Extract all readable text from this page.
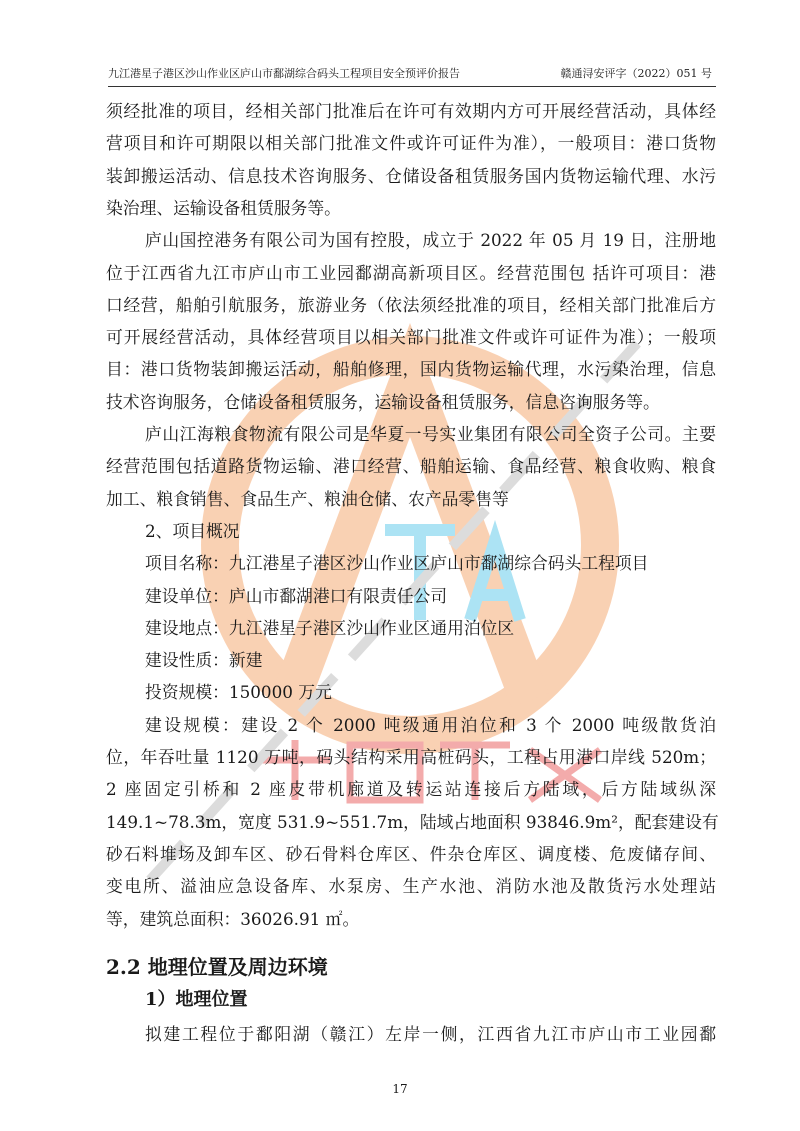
九江港星子港区沙山作业区庐山市鄱湖综合码头工程项目安全预评价报告	赣通浔安评字（2022）051 号
须经批准的项目，经相关部门批准后在许可有效期内方可开展经营活动，具体经
营项目和许可期限以相关部门批准文件或许可证件为准），一般项目：港口货物
装卸搬运活动、信息技术咨询服务、仓储设备租赁服务国内货物运输代理、水污
染治理、运输设备租赁服务等。
庐山国控港务有限公司为国有控股，成立于 2022 年 05 月 19 日，注册地
位于江西省九江市庐山市工业园鄱湖高新项目区。经营范围包 括许可项目：港
口经营，船舶引航服务，旅游业务（依法须经批准的项目，经相关部门批准后方
可开展经营活动，具体经营项目以相关部门批准文件或许可证件为准）；一般项
目：港口货物装卸搬运活动，船舶修理，国内货物运输代理，水污染治理，信息
技术咨询服务，仓储设备租赁服务，运输设备租赁服务，信息咨询服务等。
庐山江海粮食物流有限公司是华夏一号实业集团有限公司全资子公司。主要
经营范围包括道路货物运输、港口经营、船舶运输、食品经营、粮食收购、粮食
加工、粮食销售、食品生产、粮油仓储、农产品零售等
2、项目概况
项目名称：九江港星子港区沙山作业区庐山市鄱湖综合码头工程项目
建设单位：庐山市鄱湖港口有限责任公司
建设地点：九江港星子港区沙山作业区通用泊位区
建设性质：新建
投资规模：150000 万元
建设规模：建设 2 个 2000 吨级通用泊位和 3 个 2000 吨级散货泊
位，年吞吐量 1120 万吨，码头结构采用高桩码头，工程占用港口岸线 520m；
2 座固定引桥和 2 座皮带机廊道及转运站连接后方陆域，后方陆域纵深
149.1~78.3m，宽度 531.9~551.7m，陆域占地面积 93846.9m²，配套建设有
砂石料堆场及卸车区、砂石骨料仓库区、件杂仓库区、调度楼、危废储存间、
变电所、溢油应急设备库、水泵房、生产水池、消防水池及散货污水处理站
等，建筑总面积：36026.91 ㎡。
2.2 地理位置及周边环境
1）地理位置
拟建工程位于鄱阳湖（赣江）左岸一侧，江西省九江市庐山市工业园鄱
17
